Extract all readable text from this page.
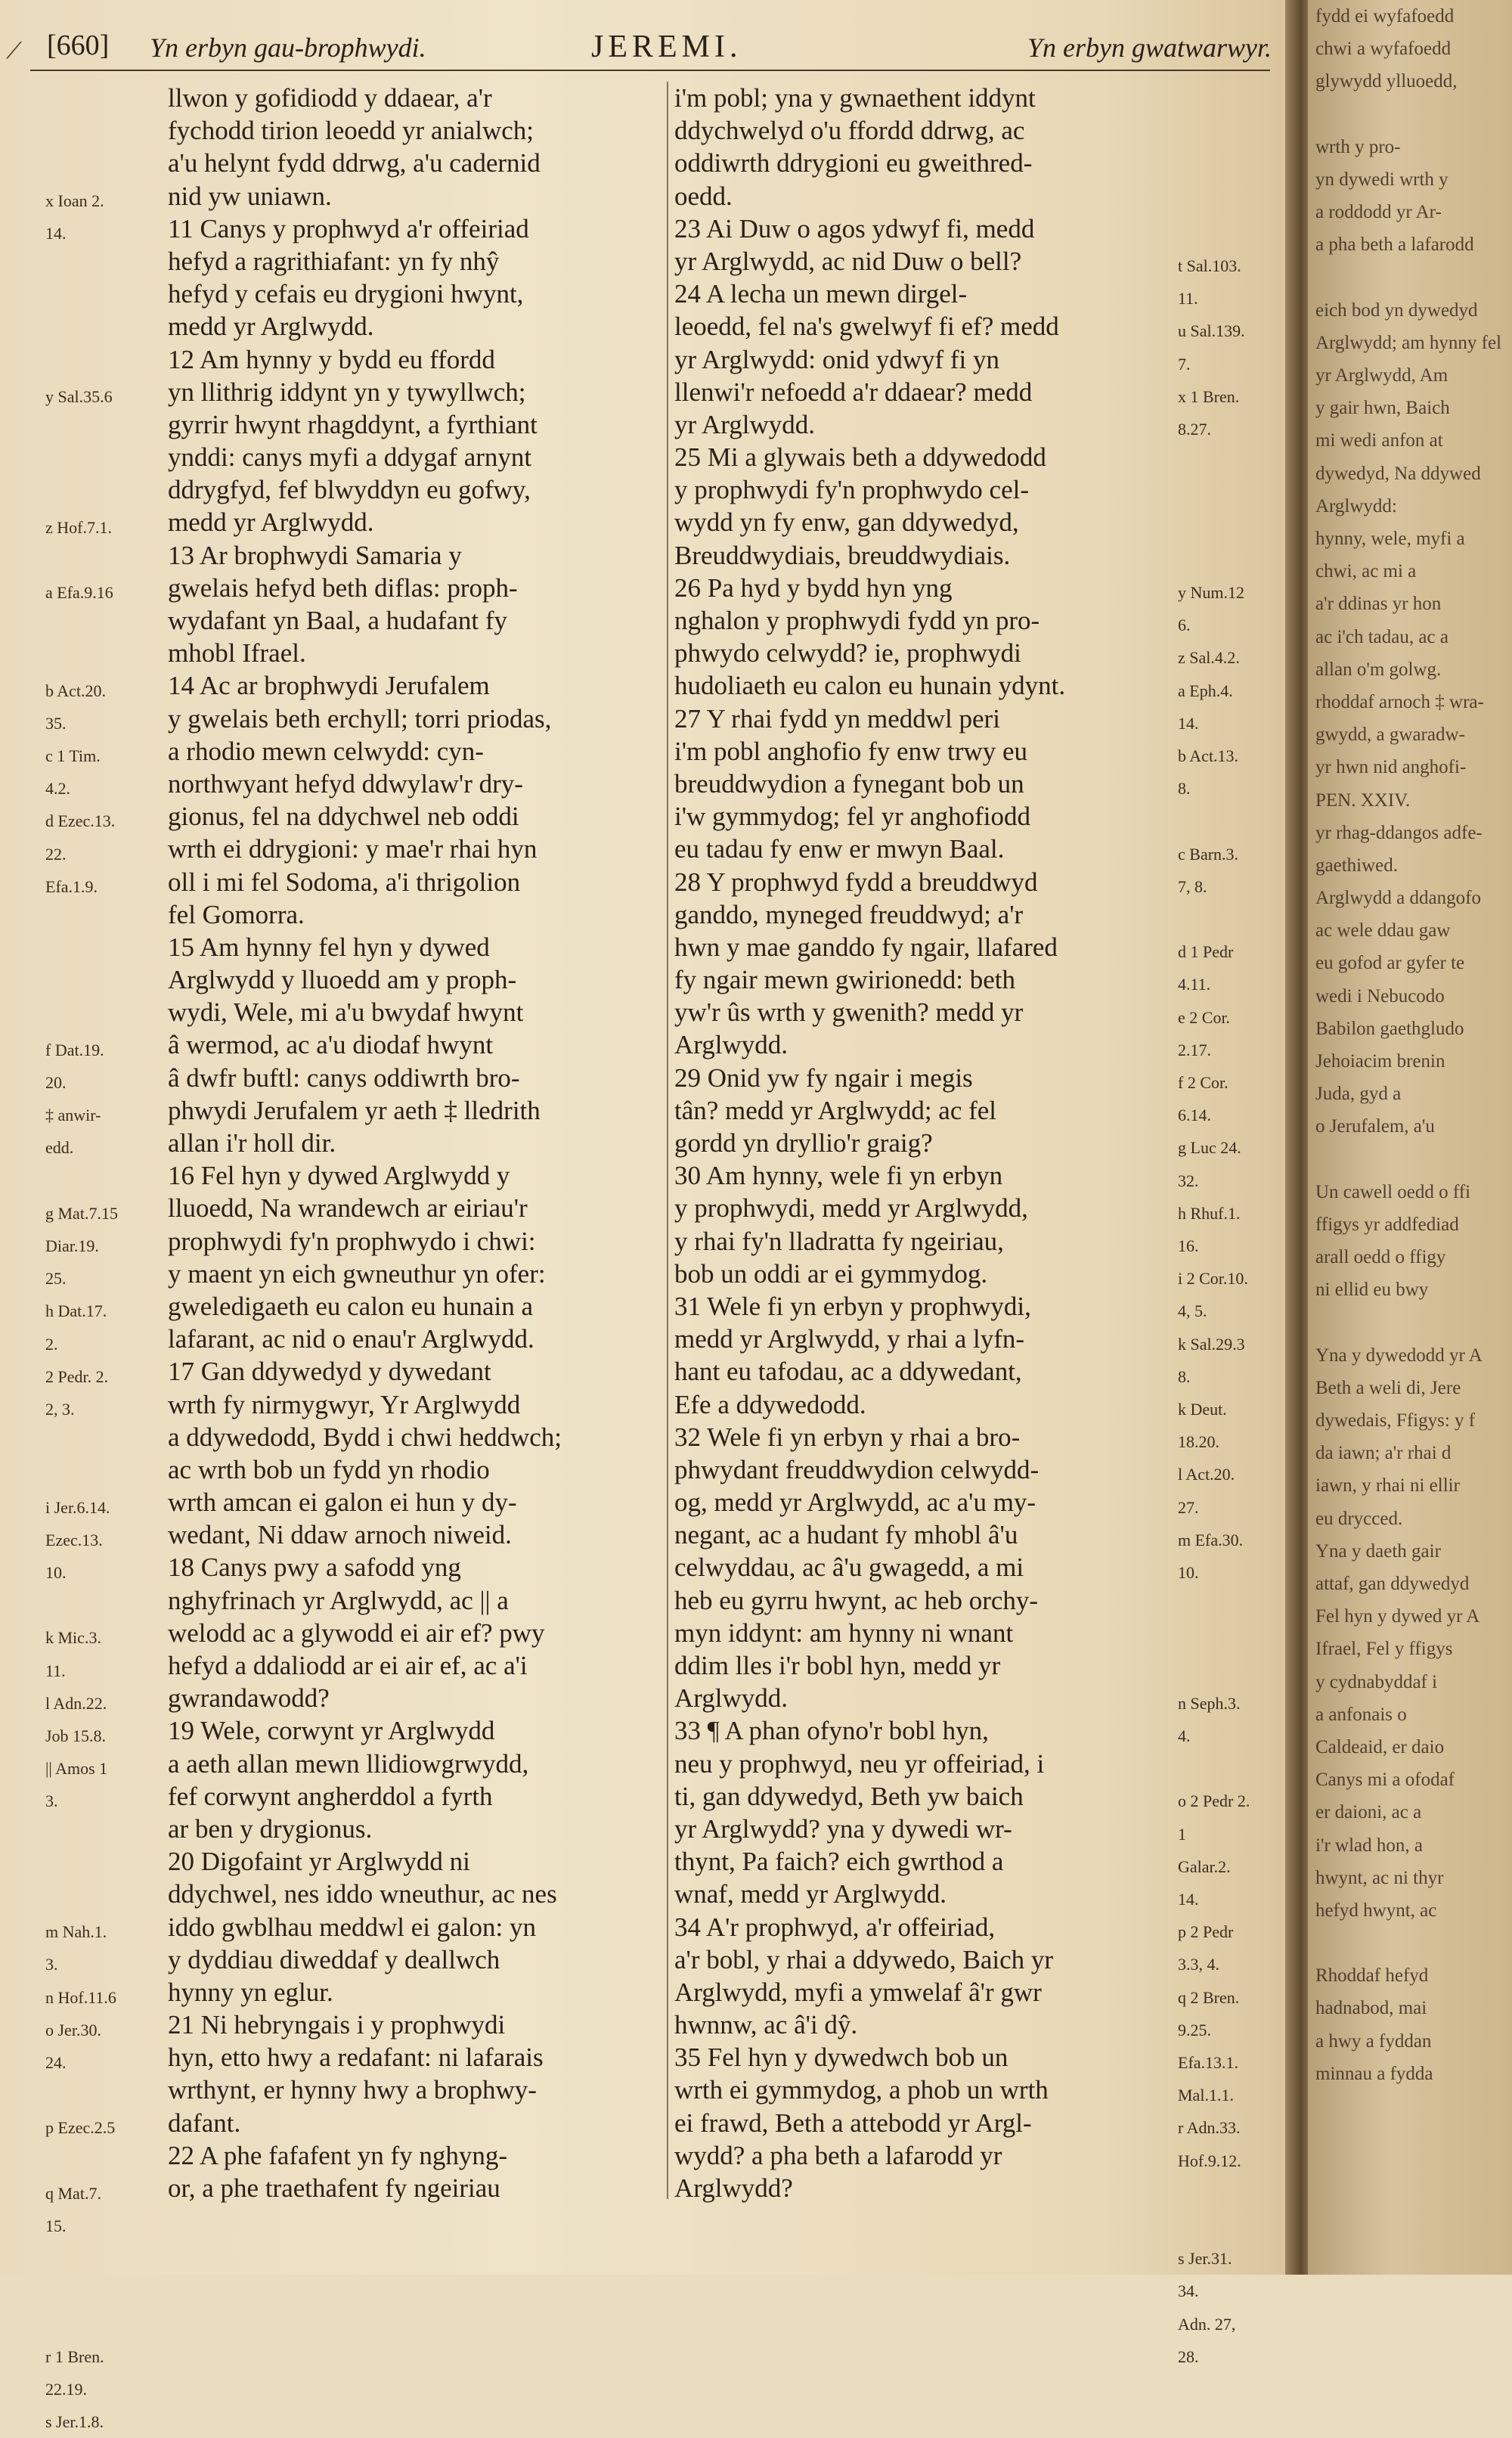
⟋ [660] Yn erbyn gau-brophwydi.	JEREMI.	Yn erbyn gwatwarwyr.
x Ioan 2.
14.
y Sal.35.6
z Hof.7.1.
a Efa.9.16
b Act.20.
35.
c 1 Tim.
4.2.
d Ezec.13.
22.
Efa.1.9.
f Dat.19.
20.
‡ anwir-
edd.
g Mat.7.15
Diar.19.
25.
h Dat.17.
2.
2 Pedr. 2.
2, 3.
i Jer.6.14.
Ezec.13.
10.
k Mic.3.
11.
l Adn.22.
Job 15.8.
|| Amos 1
3.
m Nah.1.
3.
n Hof.11.6
o Jer.30.
24.
p Ezec.2.5
q Mat.7.
15.
r 1 Bren.
22.19.
s Jer.1.8.
llwon y gofidiodd y ddaear, a'r
fychodd tirion leoedd yr anialwch;
a'u helynt fydd ddrwg, a'u cadernid
nid yw uniawn.
11 Canys y prophwyd a'r offeiriad
hefyd a ragrithiafant: yn fy nhŷ
hefyd y cefais eu drygioni hwynt,
medd yr Arglwydd.
12 Am hynny y bydd eu ffordd
yn llithrig iddynt yn y tywyllwch;
gyrrir hwynt rhagddynt, a fyrthiant
ynddi: canys myfi a ddygaf arnynt
ddrygfyd, fef blwyddyn eu gofwy,
medd yr Arglwydd.
13 Ar brophwydi Samaria y
gwelais hefyd beth diflas: proph-
wydafant yn Baal, a hudafant fy
mhobl Ifrael.
14 Ac ar brophwydi Jerufalem
y gwelais beth erchyll; torri priodas,
a rhodio mewn celwydd: cyn-
northwyant hefyd ddwylaw'r dry-
gionus, fel na ddychwel neb oddi
wrth ei ddrygioni: y mae'r rhai hyn
oll i mi fel Sodoma, a'i thrigolion
fel Gomorra.
15 Am hynny fel hyn y dywed
Arglwydd y lluoedd am y proph-
wydi, Wele, mi a'u bwydaf hwynt
â wermod, ac a'u diodaf hwynt
â dwfr buftl: canys oddiwrth bro-
phwydi Jerufalem yr aeth ‡ lledrith
allan i'r holl dir.
16 Fel hyn y dywed Arglwydd y
lluoedd, Na wrandewch ar eiriau'r
prophwydi fy'n prophwydo i chwi:
y maent yn eich gwneuthur yn ofer:
gweledigaeth eu calon eu hunain a
lafarant, ac nid o enau'r Arglwydd.
17 Gan ddywedyd y dywedant
wrth fy nirmygwyr, Yr Arglwydd
a ddywedodd, Bydd i chwi heddwch;
ac wrth bob un fydd yn rhodio
wrth amcan ei galon ei hun y dy-
wedant, Ni ddaw arnoch niweid.
18 Canys pwy a safodd yng
nghyfrinach yr Arglwydd, ac || a
welodd ac a glywodd ei air ef? pwy
hefyd a ddaliodd ar ei air ef, ac a'i
gwrandawodd?
19 Wele, corwynt yr Arglwydd
a aeth allan mewn llidiowgrwydd,
fef corwynt angherddol a fyrth
ar ben y drygionus.
20 Digofaint yr Arglwydd ni
ddychwel, nes iddo wneuthur, ac nes
iddo gwblhau meddwl ei galon: yn
y dyddiau diweddaf y deallwch
hynny yn eglur.
21 Ni hebryngais i y prophwydi
hyn, etto hwy a redafant: ni lafarais
wrthynt, er hynny hwy a brophwy-
dafant.
22 A phe fafafent yn fy nghyng-
or, a phe traethafent fy ngeiriau
i'm pobl; yna y gwnaethent iddynt
ddychwelyd o'u ffordd ddrwg, ac
oddiwrth ddrygioni eu gweithred-
oedd.
23 Ai Duw o agos ydwyf fi, medd
yr Arglwydd, ac nid Duw o bell?
24 A lecha un mewn dirgel-
leoedd, fel na's gwelwyf fi ef? medd
yr Arglwydd: onid ydwyf fi yn
llenwi'r nefoedd a'r ddaear? medd
yr Arglwydd.
25 Mi a glywais beth a ddywedodd
y prophwydi fy'n prophwydo cel-
wydd yn fy enw, gan ddywedyd,
Breuddwydiais, breuddwydiais.
26 Pa hyd y bydd hyn yng
nghalon y prophwydi fydd yn pro-
phwydo celwydd? ie, prophwydi
hudoliaeth eu calon eu hunain ydynt.
27 Y rhai fydd yn meddwl peri
i'm pobl anghofio fy enw trwy eu
breuddwydion a fynegant bob un
i'w gymmydog; fel yr anghofiodd
eu tadau fy enw er mwyn Baal.
28 Y prophwyd fydd a breuddwyd
ganddo, myneged freuddwyd; a'r
hwn y mae ganddo fy ngair, llafared
fy ngair mewn gwirionedd: beth
yw'r ûs wrth y gwenith? medd yr
Arglwydd.
29 Onid yw fy ngair i megis
tân? medd yr Arglwydd; ac fel
gordd yn dryllio'r graig?
30 Am hynny, wele fi yn erbyn
y prophwydi, medd yr Arglwydd,
y rhai fy'n lladratta fy ngeiriau,
bob un oddi ar ei gymmydog.
31 Wele fi yn erbyn y prophwydi,
medd yr Arglwydd, y rhai a lyfn-
hant eu tafodau, ac a ddywedant,
Efe a ddywedodd.
32 Wele fi yn erbyn y rhai a bro-
phwydant freuddwydion celwydd-
og, medd yr Arglwydd, ac a'u my-
negant, ac a hudant fy mhobl â'u
celwyddau, ac â'u gwagedd, a mi
heb eu gyrru hwynt, ac heb orchy-
myn iddynt: am hynny ni wnant
ddim lles i'r bobl hyn, medd yr
Arglwydd.
33 ¶ A phan ofyno'r bobl hyn,
neu y prophwyd, neu yr offeiriad, i
ti, gan ddywedyd, Beth yw baich
yr Arglwydd? yna y dywedi wr-
thynt, Pa faich? eich gwrthod a
wnaf, medd yr Arglwydd.
34 A'r prophwyd, a'r offeiriad,
a'r bobl, y rhai a ddywedo, Baich yr
Arglwydd, myfi a ymwelaf â'r gwr
hwnnw, ac â'i dŷ.
35 Fel hyn y dywedwch bob un
wrth ei gymmydog, a phob un wrth
ei frawd, Beth a attebodd yr Argl-
wydd? a pha beth a lafarodd yr
Arglwydd?
t Sal.103.
11.
u Sal.139.
7.
x 1 Bren.
8.27.
y Num.12
6.
z Sal.4.2.
a Eph.4.
14.
b Act.13.
8.
c Barn.3.
7, 8.
d 1 Pedr
4.11.
e 2 Cor.
2.17.
f 2 Cor.
6.14.
g Luc 24.
32.
h Rhuf.1.
16.
i 2 Cor.10.
4, 5.
k Sal.29.3
8.
k Deut.
18.20.
l Act.20.
27.
m Efa.30.
10.
n Seph.3.
4.
o 2 Pedr 2.
1
Galar.2.
14.
p 2 Pedr
3.3, 4.
q 2 Bren.
9.25.
Efa.13.1.
Mal.1.1.
r Adn.33.
Hof.9.12.
s Jer.31.
34.
Adn. 27,
28.
fydd ei wyfafoedd
chwi a wyfafoedd
glywydd ylluoedd,
wrth y pro-
yn dywedi wrth y
a roddodd yr Ar-
a pha beth a lafarodd
eich bod yn dywedyd
Arglwydd; am hynny fel
yr Arglwydd, Am
y gair hwn, Baich
mi wedi anfon at
dywedyd, Na ddywed
Arglwydd:
hynny, wele, myfi a
chwi, ac mi a
a'r ddinas yr hon
ac i'ch tadau, ac a
allan o'm golwg.
rhoddaf arnoch ‡ wra-
gwydd, a gwaradw-
yr hwn nid anghofi-
PEN. XXIV.
yr rhag-ddangos adfe-
gaethiwed.
Arglwydd a ddangofo
ac wele ddau gaw
eu gofod ar gyfer te
wedi i Nebucodo
Babilon gaethgludo
Jehoiacim brenin
Juda, gyd a
o Jerufalem, a'u
Un cawell oedd o ffi
ffigys yr addfediad
arall oedd o ffigy
ni ellid eu bwy
Yna y dywedodd yr A
Beth a weli di, Jere
dywedais, Ffigys: y f
da iawn; a'r rhai d
iawn, y rhai ni ellir
eu drycced.
Yna y daeth gair
attaf, gan ddywedyd
Fel hyn y dywed yr A
Ifrael, Fel y ffigys
y cydnabyddaf i
a anfonais o
Caldeaid, er daio
Canys mi a ofodaf
er daioni, ac a
i'r wlad hon, a
hwynt, ac ni thyr
hefyd hwynt, ac
Rhoddaf hefyd
hadnabod, mai
a hwy a fyddan
minnau a fydda
